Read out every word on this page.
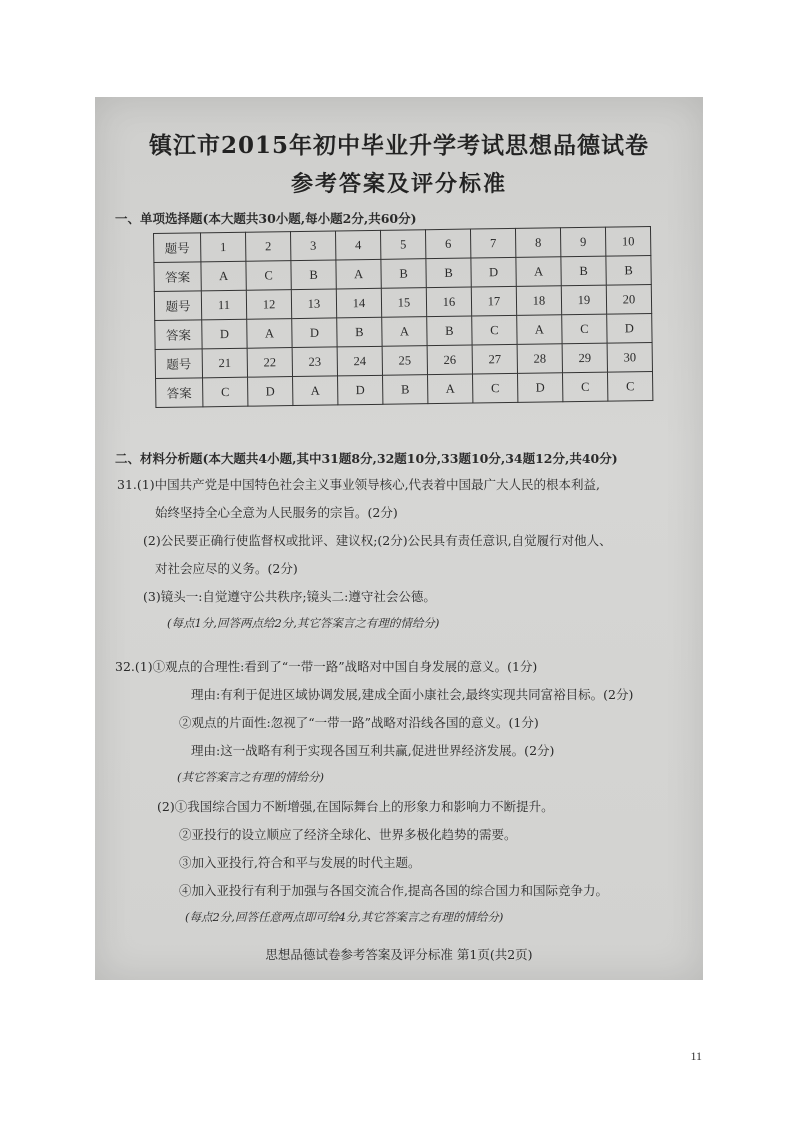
镇江市2015年初中毕业升学考试思想品德试卷
参考答案及评分标准
一、单项选择题(本大题共30小题,每小题2分,共60分)
题号	1	2	3	4	5	6	7	8	9	10
答案	A	C	B	A	B	B	D	A	B	B
题号	11	12	13	14	15	16	17	18	19	20
答案	D	A	D	B	A	B	C	A	C	D
题号	21	22	23	24	25	26	27	28	29	30
答案	C	D	A	D	B	A	C	D	C	C
二、材料分析题(本大题共4小题,其中31题8分,32题10分,33题10分,34题12分,共40分)
31.(1)中国共产党是中国特色社会主义事业领导核心,代表着中国最广大人民的根本利益,
始终坚持全心全意为人民服务的宗旨。(2分)
(2)公民要正确行使监督权或批评、建议权;(2分)公民具有责任意识,自觉履行对他人、
对社会应尽的义务。(2分)
(3)镜头一:自觉遵守公共秩序;镜头二:遵守社会公德。
(每点1分,回答两点给2分,其它答案言之有理的情给分)
32.(1)①观点的合理性:看到了“一带一路”战略对中国自身发展的意义。(1分)
理由:有利于促进区域协调发展,建成全面小康社会,最终实现共同富裕目标。(2分)
②观点的片面性:忽视了“一带一路”战略对沿线各国的意义。(1分)
理由:这一战略有利于实现各国互利共赢,促进世界经济发展。(2分)
(其它答案言之有理的情给分)
(2)①我国综合国力不断增强,在国际舞台上的形象力和影响力不断提升。
②亚投行的设立顺应了经济全球化、世界多极化趋势的需要。
③加入亚投行,符合和平与发展的时代主题。
④加入亚投行有利于加强与各国交流合作,提高各国的综合国力和国际竞争力。
(每点2分,回答任意两点即可给4分,其它答案言之有理的情给分)
思想品德试卷参考答案及评分标准 第1页(共2页)
11
